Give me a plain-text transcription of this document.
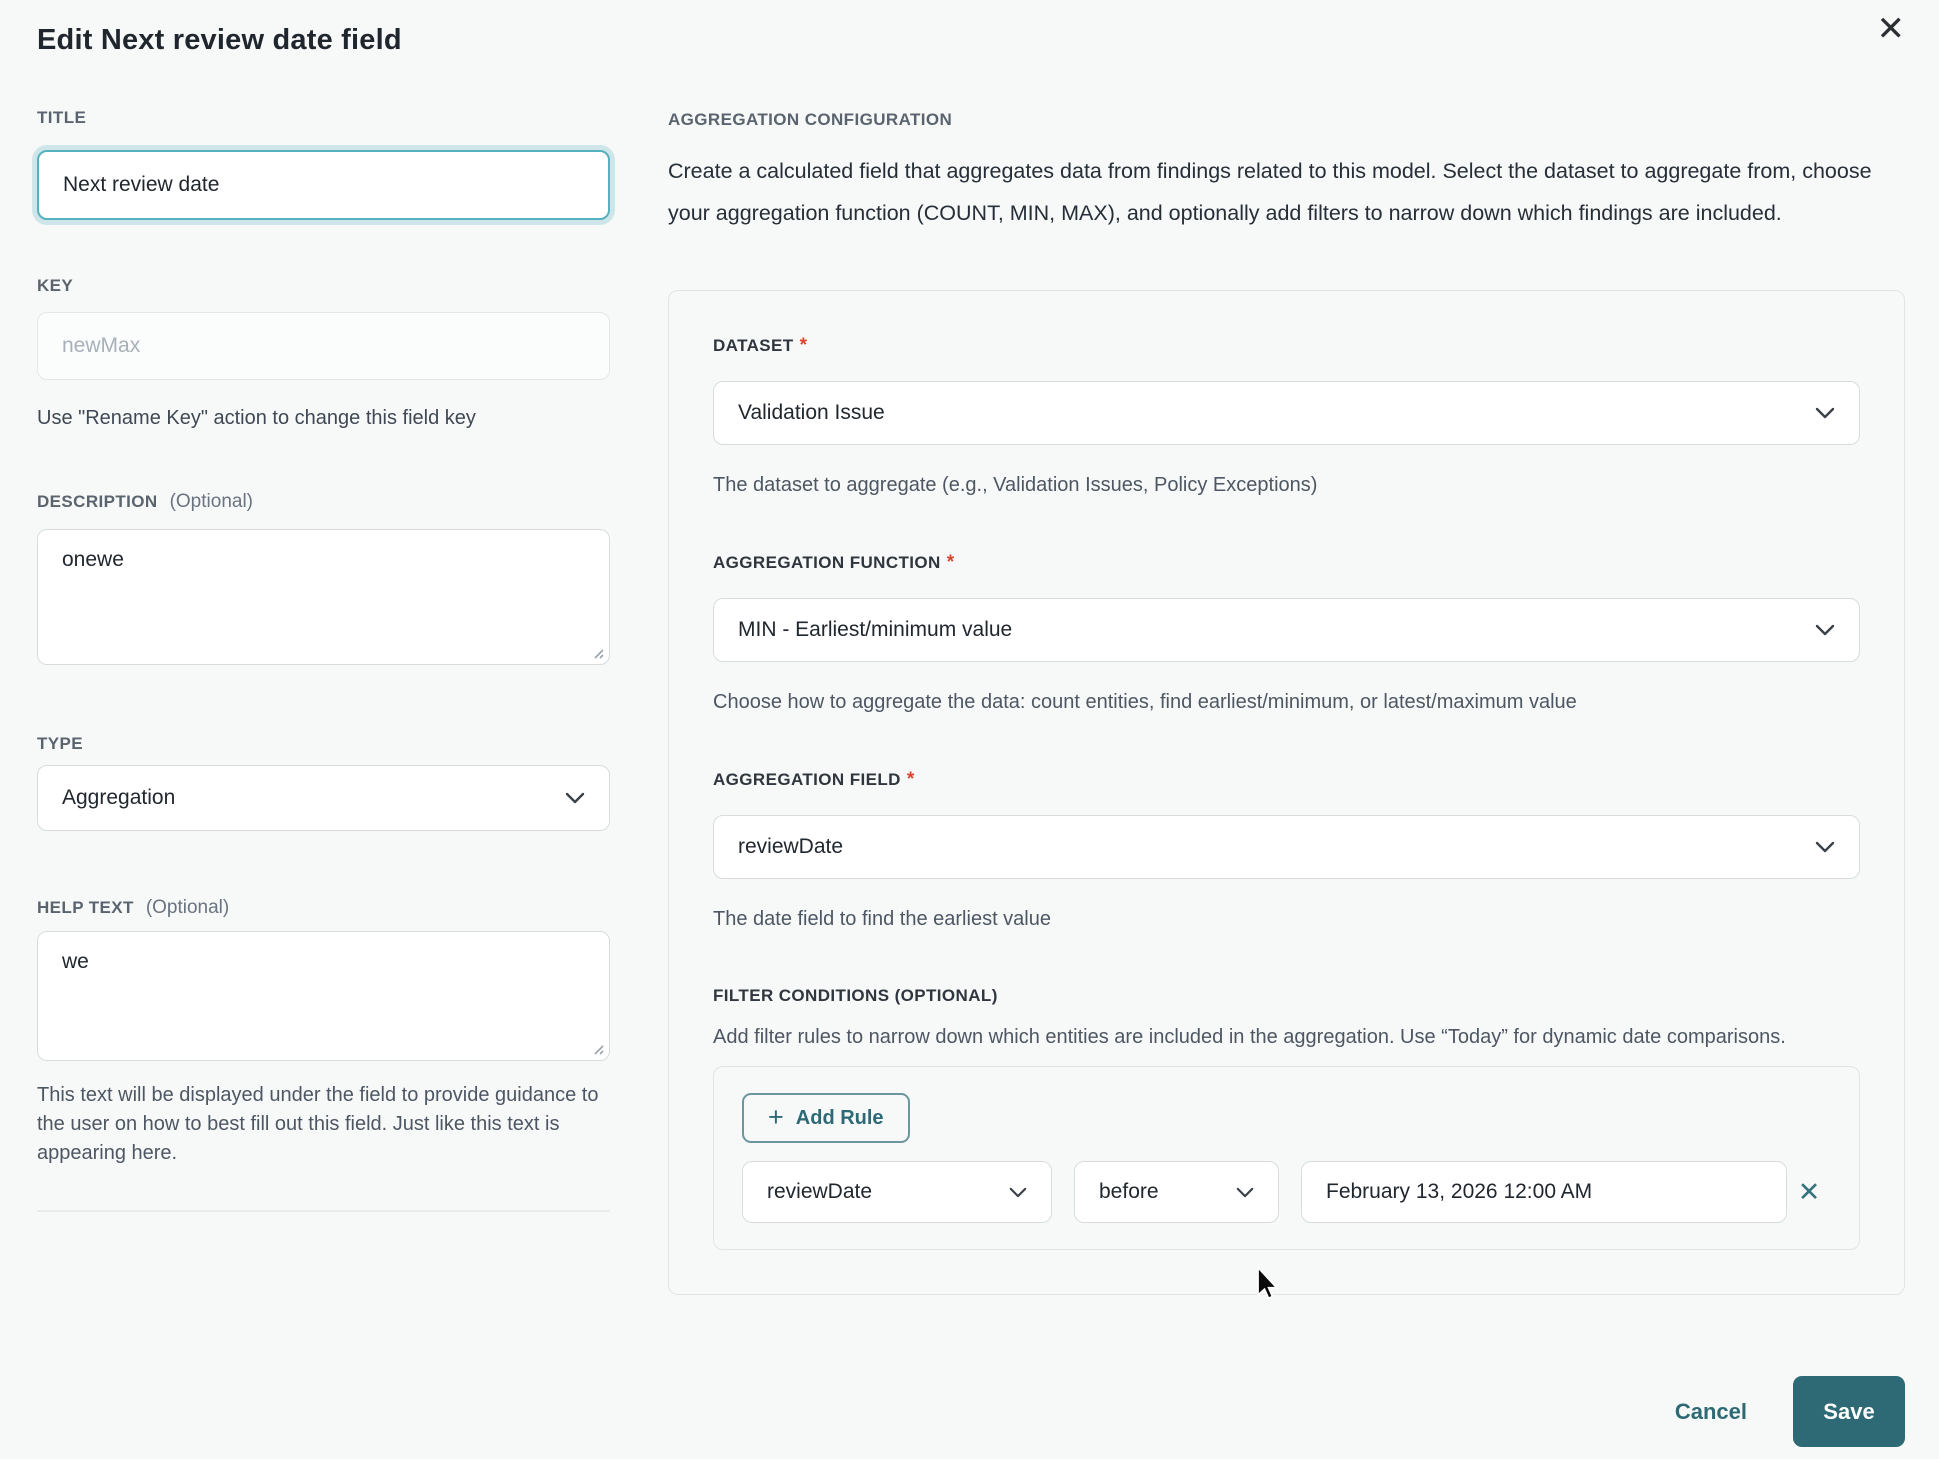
Edit Next review date field	✕
TITLE
Next review date
KEY
newMax
Use "Rename Key" action to change this field key
DESCRIPTION (Optional)
onewe
TYPE
Aggregation
HELP TEXT (Optional)
we

This text will be displayed under the field to provide guidance to the user on how to best fill out this field. Just like this text is appearing here.

AGGREGATION CONFIGURATION

Create a calculated field that aggregates data from findings related to this model. Select the dataset to aggregate from, choose your aggregation function (COUNT, MIN, MAX), and optionally add filters to narrow down which findings are included.

DATASET *
Validation Issue
The dataset to aggregate (e.g., Validation Issues, Policy Exceptions)
AGGREGATION FUNCTION *
MIN - Earliest/minimum value
Choose how to aggregate the data: count entities, find earliest/minimum, or latest/maximum value
AGGREGATION FIELD *
reviewDate
The date field to find the earliest value
FILTER CONDITIONS (OPTIONAL)

Add filter rules to narrow down which entities are included in the aggregation. Use “Today” for dynamic date comparisons.

+ Add Rule
reviewDate	before
February 13, 2026 12:00 AM	✕
Cancel	Save
